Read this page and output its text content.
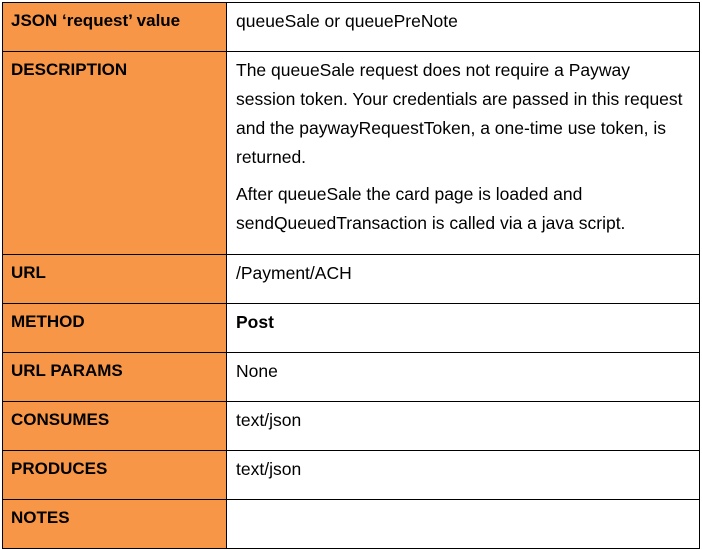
JSON ‘request’ value	queueSale or queuePreNote
DESCRIPTION	The queueSale request does not require a Payway session token. Your credentials are passed in this request and the paywayRequestToken, a one-time use token, is returned.

After queueSale the card page is loaded and sendQueuedTransaction is called via a java script.

URL	/Payment/ACH
METHOD	Post
URL PARAMS	None
CONSUMES	text/json
PRODUCES	text/json
NOTES	
